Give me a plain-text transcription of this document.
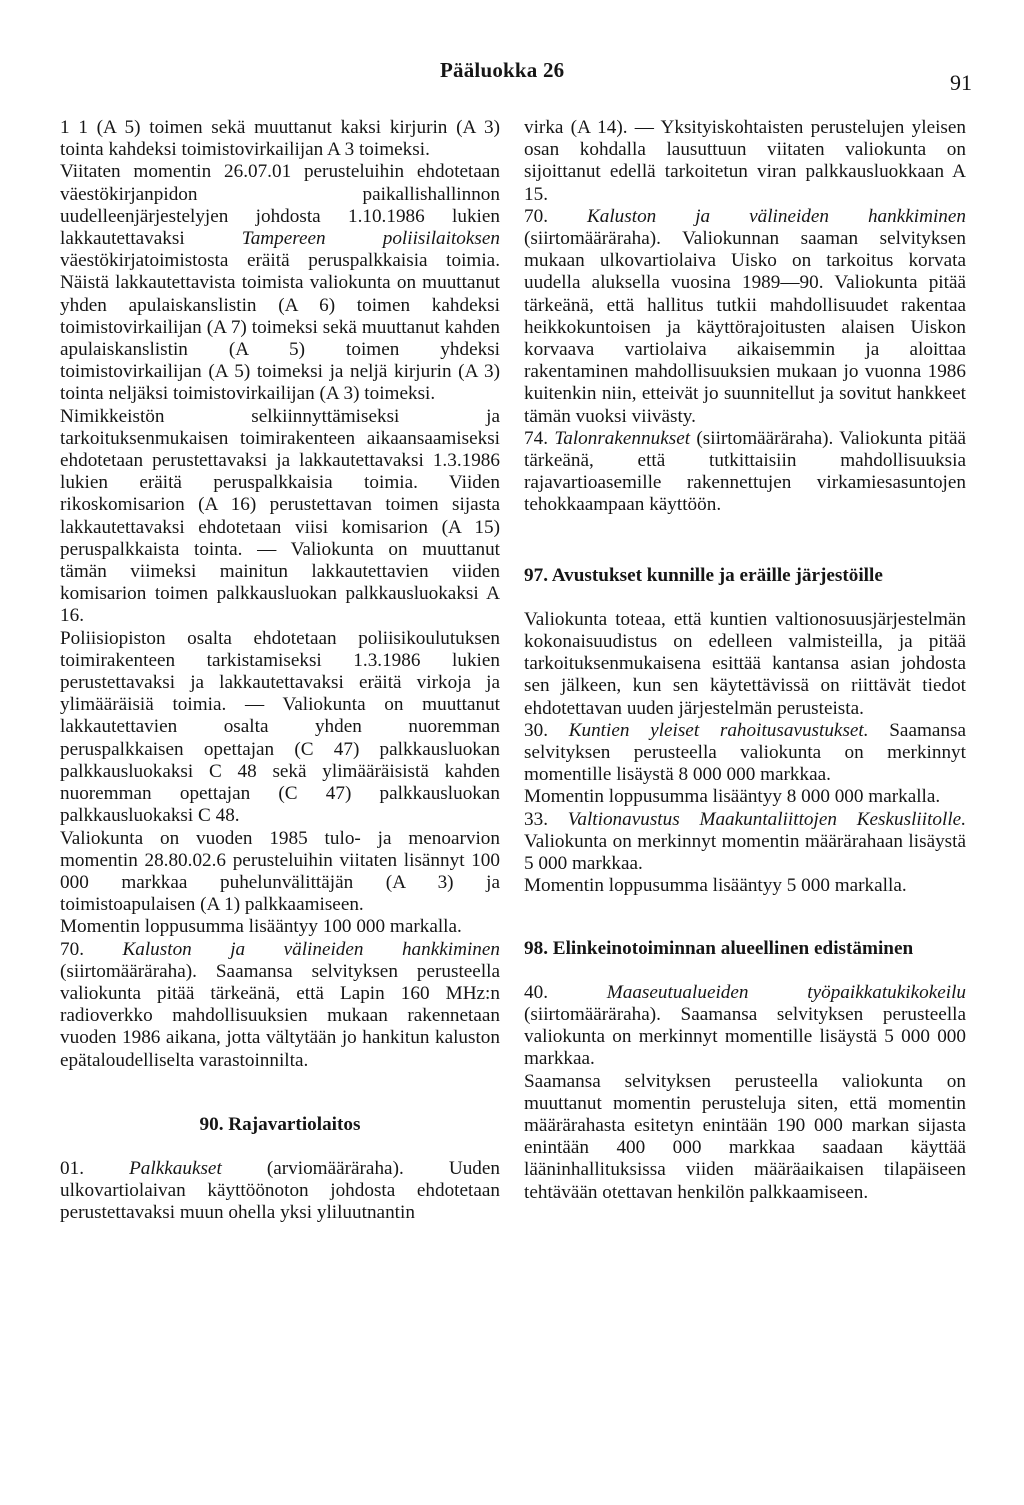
Pääluokka 26	91

1 1 (A 5) toimen sekä muuttanut kaksi kirjurin (A 3) tointa kahdeksi toimistovirkailijan A 3 toimeksi.

Viitaten momentin 26.07.01 perusteluihin ehdotetaan väestökirjanpidon paikallishallinnon uudelleenjärjestelyjen johdosta 1.10.1986 lukien lakkautettavaksi Tampereen poliisilaitoksen väestökirjatoimistosta eräitä peruspalkkaisia toimia. Näistä lakkautettavista toimista valiokunta on muuttanut yhden apulaiskanslistin (A 6) toimen kahdeksi toimistovirkailijan (A 7) toimeksi sekä muuttanut kahden apulaiskanslistin (A 5) toimen yhdeksi toimistovirkailijan (A 5) toimeksi ja neljä kirjurin (A 3) tointa neljäksi toimistovirkailijan (A 3) toimeksi.

Nimikkeistön selkiinnyttämiseksi ja tarkoituksenmukaisen toimirakenteen aikaansaamiseksi ehdotetaan perustettavaksi ja lakkautettavaksi 1.3.1986 lukien eräitä peruspalkkaisia toimia. Viiden rikoskomisarion (A 16) perustettavan toimen sijasta lakkautettavaksi ehdotetaan viisi komisarion (A 15) peruspalkkaista tointa. — Valiokunta on muuttanut tämän viimeksi mainitun lakkautettavien viiden komisarion toimen palkkausluokan palkkausluokaksi A 16.

Poliisiopiston osalta ehdotetaan poliisikoulutuksen toimirakenteen tarkistamiseksi 1.3.1986 lukien perustettavaksi ja lakkautettavaksi eräitä virkoja ja ylimääräisiä toimia. — Valiokunta on muuttanut lakkautettavien osalta yhden nuoremman peruspalkkaisen opettajan (C 47) palkkausluokan palkkausluokaksi C 48 sekä ylimääräisistä kahden nuoremman opettajan (C 47) palkkausluokan palkkausluokaksi C 48.

Valiokunta on vuoden 1985 tulo- ja menoarvion momentin 28.80.02.6 perusteluihin viitaten lisännyt 100 000 markkaa puhelunvälittäjän (A 3) ja toimistoapulaisen (A 1) palkkaamiseen.

Momentin loppusumma lisääntyy 100 000 markalla.

70. Kaluston ja välineiden hankkiminen (siirtomääräraha). Saamansa selvityksen perusteella valiokunta pitää tärkeänä, että Lapin 160 MHz:n radioverkko mahdollisuuksien mukaan rakennetaan vuoden 1986 aikana, jotta vältytään jo hankitun kaluston epätaloudelliselta varastoinnilta.

90. Rajavartiolaitos

01. Palkkaukset (arviomääräraha). Uuden ulkovartiolaivan käyttöönoton johdosta ehdotetaan perustettavaksi muun ohella yksi yliluutnantin

virka (A 14). — Yksityiskohtaisten perustelujen yleisen osan kohdalla lausuttuun viitaten valiokunta on sijoittanut edellä tarkoitetun viran palkkausluokkaan A 15.

70. Kaluston ja välineiden hankkiminen (siirtomääräraha). Valiokunnan saaman selvityksen mukaan ulkovartiolaiva Uisko on tarkoitus korvata uudella aluksella vuosina 1989—90. Valiokunta pitää tärkeänä, että hallitus tutkii mahdollisuudet rakentaa heikkokuntoisen ja käyttörajoitusten alaisen Uiskon korvaava vartiolaiva aikaisemmin ja aloittaa rakentaminen mahdollisuuksien mukaan jo vuonna 1986 kuitenkin niin, etteivät jo suunnitellut ja sovitut hankkeet tämän vuoksi viivästy.

74. Talonrakennukset (siirtomääräraha). Valiokunta pitää tärkeänä, että tutkittaisiin mahdollisuuksia rajavartioasemille rakennettujen virkamiesasuntojen tehokkaampaan käyttöön.

97. Avustukset kunnille ja eräille järjestöille

Valiokunta toteaa, että kuntien valtionosuusjärjestelmän kokonaisuudistus on edelleen valmisteilla, ja pitää tarkoituksenmukaisena esittää kantansa asian johdosta sen jälkeen, kun sen käytettävissä on riittävät tiedot ehdotettavan uuden järjestelmän perusteista.

30. Kuntien yleiset rahoitusavustukset. Saamansa selvityksen perusteella valiokunta on merkinnyt momentille lisäystä 8 000 000 markkaa.

Momentin loppusumma lisääntyy 8 000 000 markalla.

33. Valtionavustus Maakuntaliittojen Keskusliitolle. Valiokunta on merkinnyt momentin määrärahaan lisäystä 5 000 markkaa.

Momentin loppusumma lisääntyy 5 000 markalla.

98. Elinkeinotoiminnan alueellinen edistäminen

40. Maaseutualueiden työpaikkatukikokeilu (siirtomääräraha). Saamansa selvityksen perusteella valiokunta on merkinnyt momentille lisäystä 5 000 000 markkaa.

Saamansa selvityksen perusteella valiokunta on muuttanut momentin perusteluja siten, että momentin määrärahasta esitetyn enintään 190 000 markan sijasta enintään 400 000 markkaa saadaan käyttää lääninhallituksissa viiden määräaikaisen tilapäiseen tehtävään otettavan henkilön palkkaamiseen.
